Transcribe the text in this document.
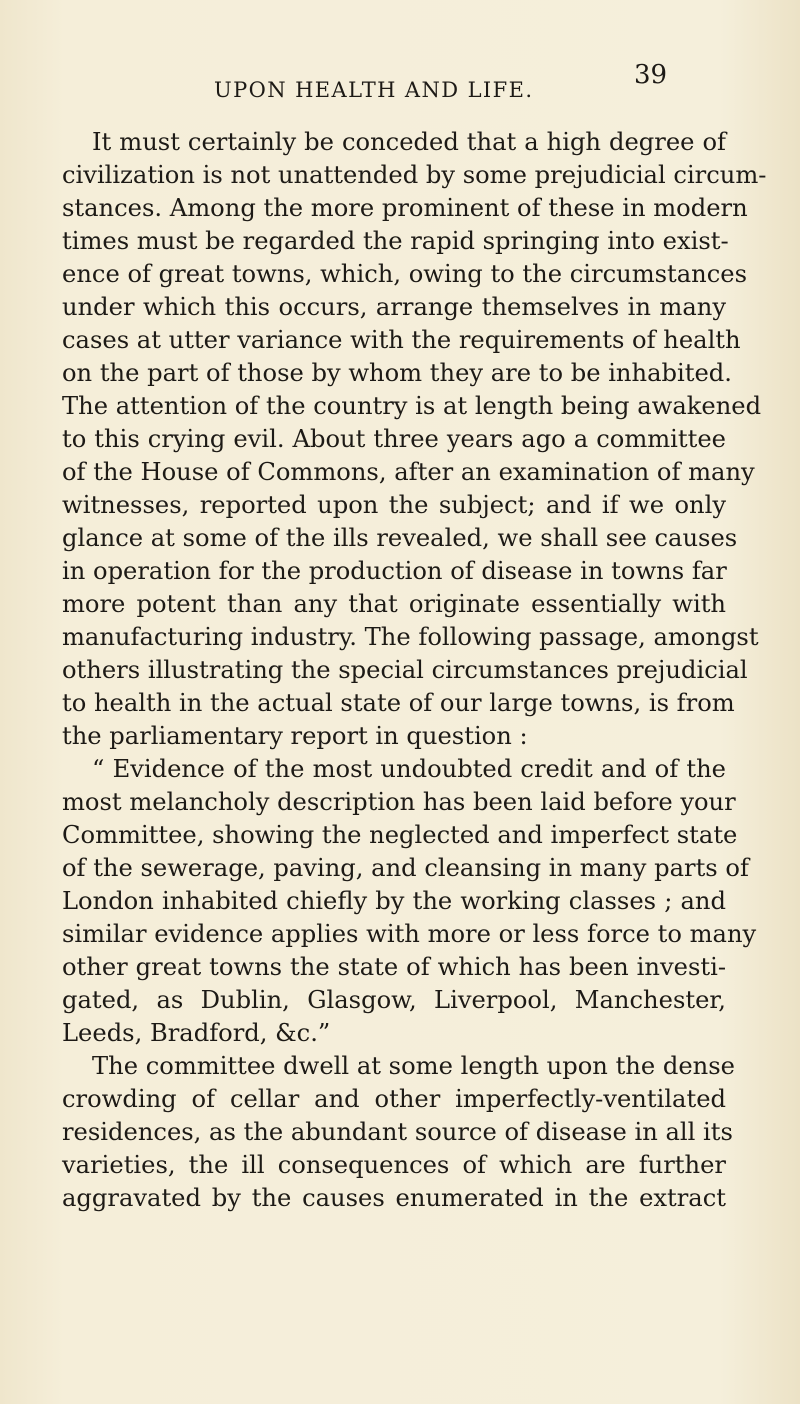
UPON HEALTH AND LIFE.	39
It must certainly be conceded that a high degree of
civilization is not unattended by some prejudicial circum-
stances. Among the more prominent of these in modern
times must be regarded the rapid springing into exist-
ence of great towns, which, owing to the circumstances
under which this occurs, arrange themselves in many
cases at utter variance with the requirements of health
on the part of those by whom they are to be inhabited.
The attention of the country is at length being awakened
to this crying evil. About three years ago a committee
of the House of Commons, after an examination of many
witnesses, reported upon the subject; and if we only
glance at some of the ills revealed, we shall see causes
in operation for the production of disease in towns far
more potent than any that originate essentially with
manufacturing industry. The following passage, amongst
others illustrating the special circumstances prejudicial
to health in the actual state of our large towns, is from
the parliamentary report in question :
“ Evidence of the most undoubted credit and of the
most melancholy description has been laid before your
Committee, showing the neglected and imperfect state
of the sewerage, paving, and cleansing in many parts of
London inhabited chiefly by the working classes ; and
similar evidence applies with more or less force to many
other great towns the state of which has been investi-
gated, as Dublin, Glasgow, Liverpool, Manchester,
Leeds, Bradford, &c.”
The committee dwell at some length upon the dense
crowding of cellar and other imperfectly-ventilated
residences, as the abundant source of disease in all its
varieties, the ill consequences of which are further
aggravated by the causes enumerated in the extract
